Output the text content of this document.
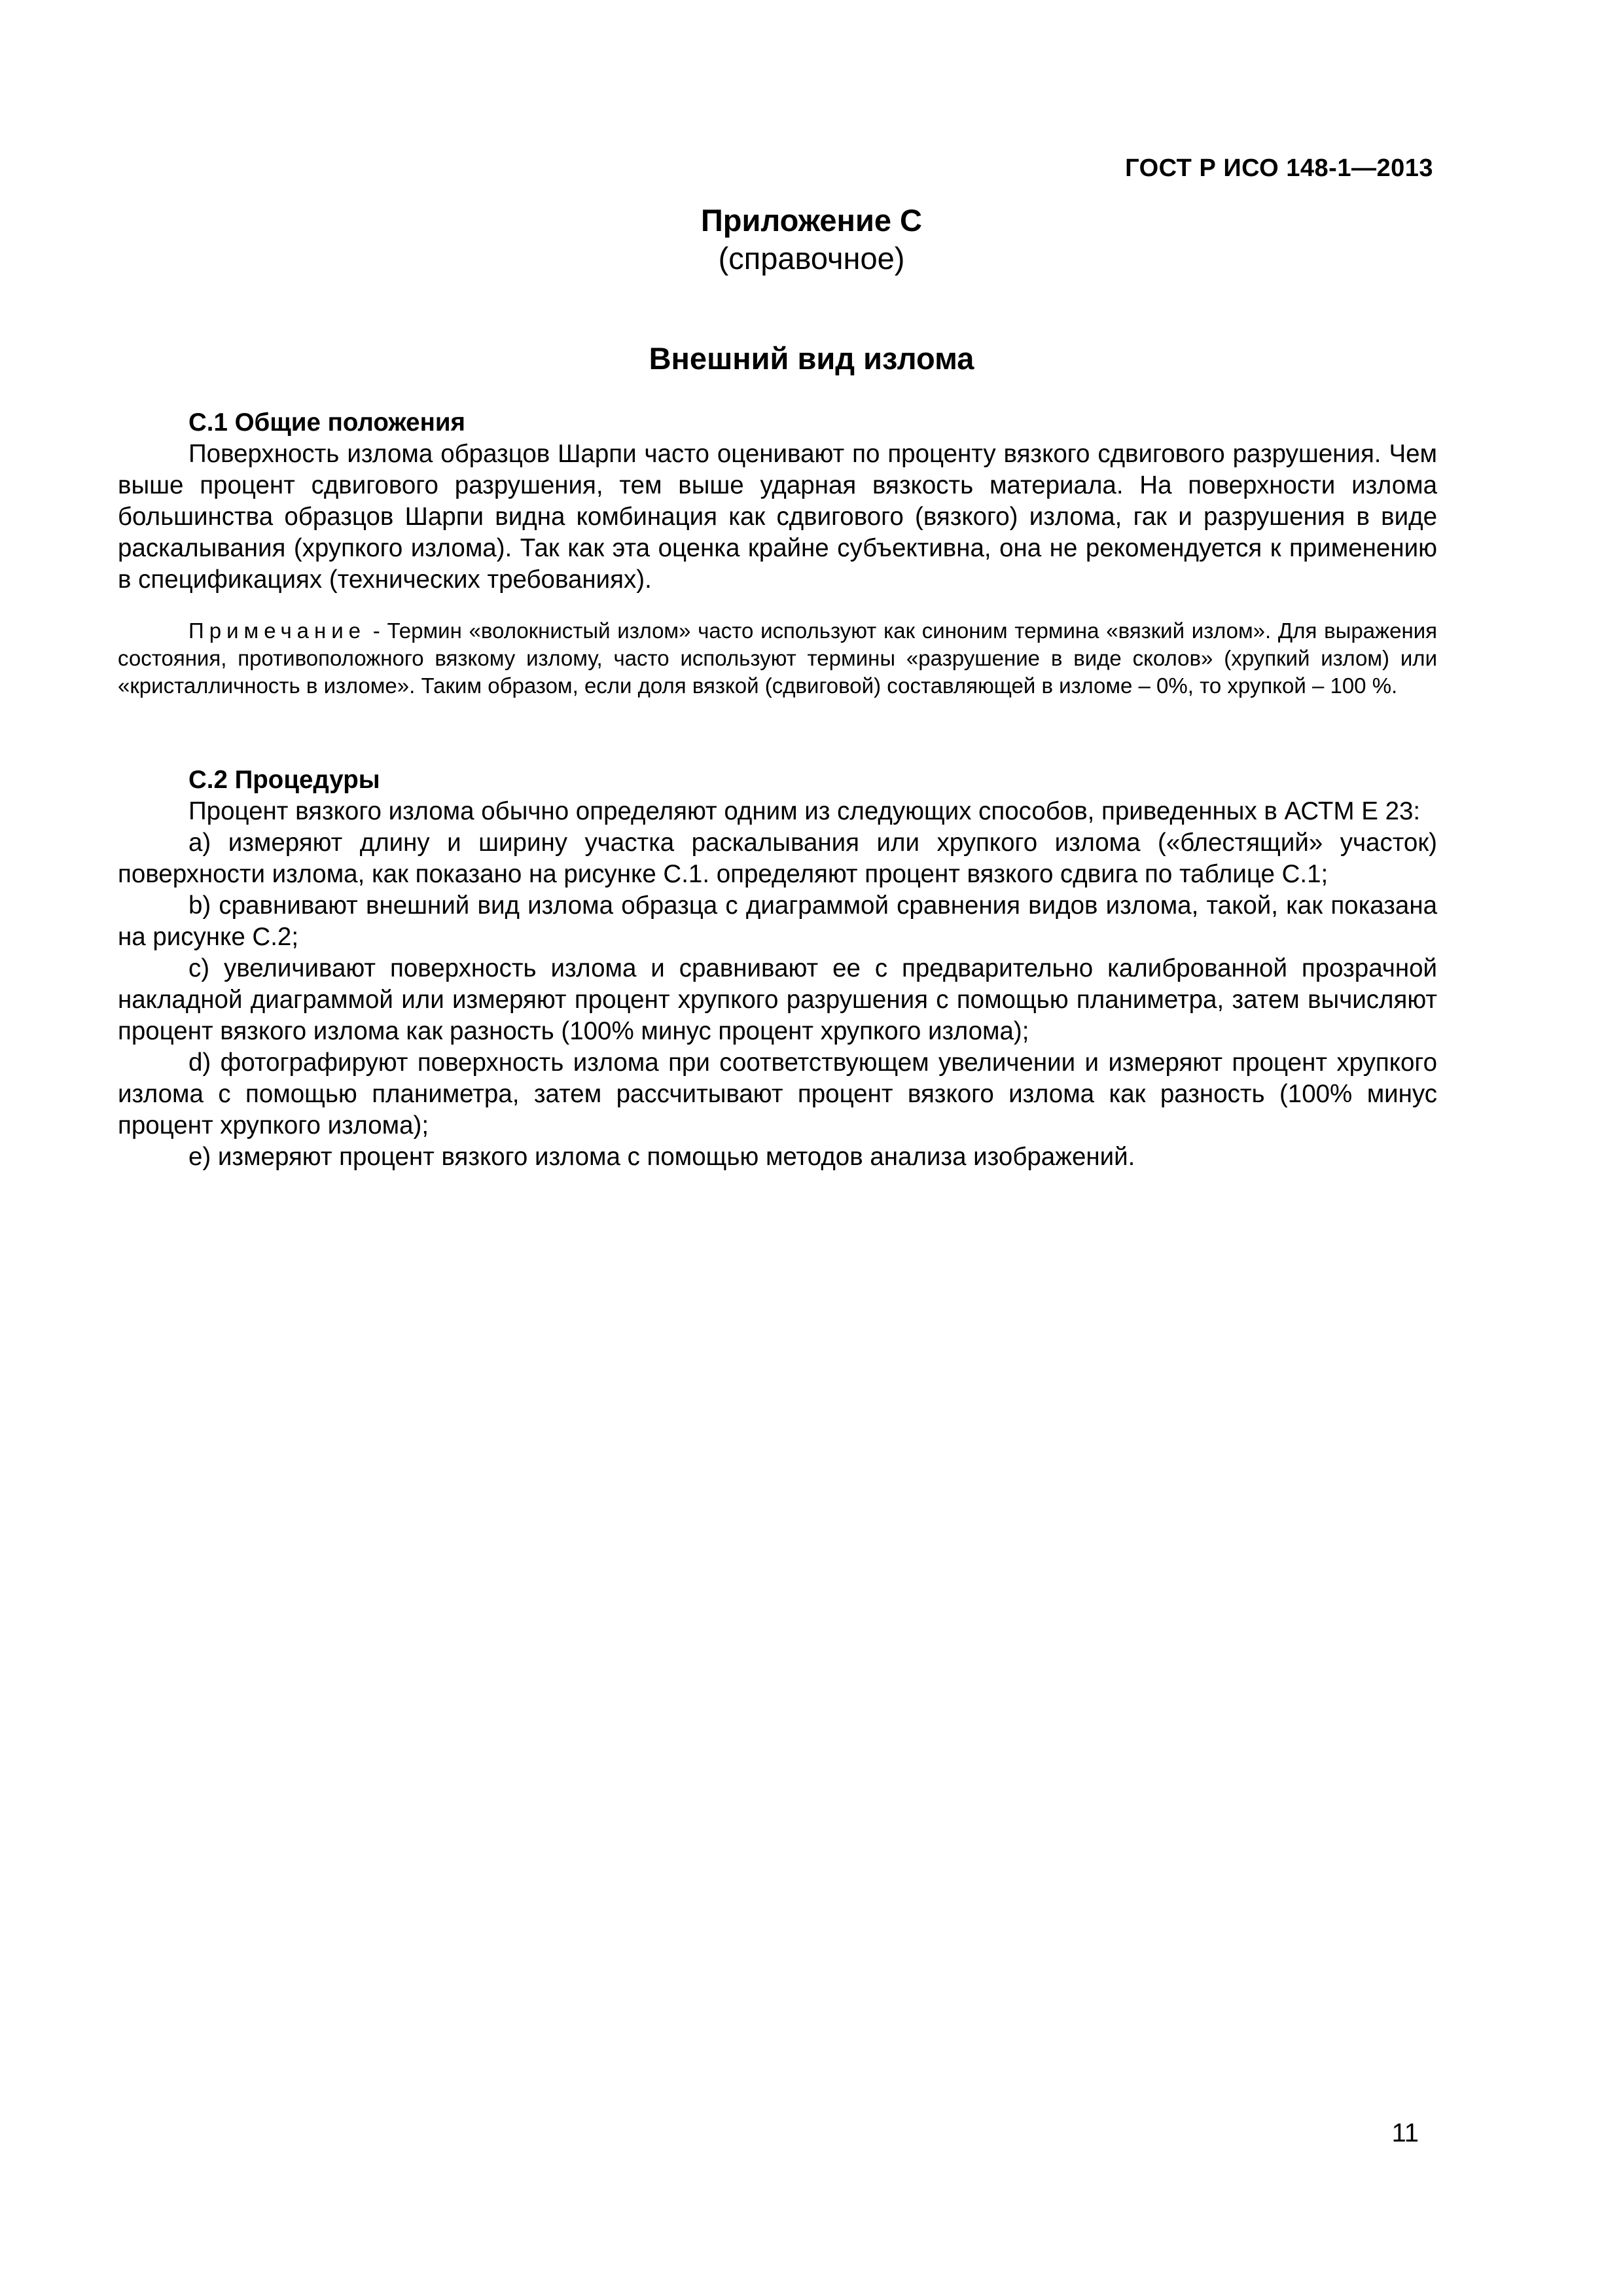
ГОСТ Р ИСО 148-1—2013
Приложение С
(справочное)
Внешний вид излома

С.1 Общие положения

Поверхность излома образцов Шарпи часто оценивают по проценту вязкого сдвигового разрушения. Чем выше процент сдвигового разрушения, тем выше ударная вязкость материала. На поверхности излома большинства образцов Шарпи видна комбинация как сдвигового (вязкого) излома, гак и разрушения в виде раскалывания (хрупкого излома). Так как эта оценка крайне субъективна, она не рекомендуется к применению в спецификациях (технических требованиях).

Примечание - Термин «волокнистый излом» часто используют как синоним термина «вязкий излом». Для выражения состояния, противоположного вязкому излому, часто используют термины «разрушение в виде сколов» (хрупкий излом) или «кристалличность в изломе». Таким образом, если доля вязкой (сдвиговой) составляющей в изломе – 0%, то хрупкой – 100 %.

С.2 Процедуры

Процент вязкого излома обычно определяют одним из следующих способов, приведенных в АСТМ Е 23:

a) измеряют длину и ширину участка раскалывания или хрупкого излома («блестящий» участок) поверхности излома, как показано на рисунке С.1. определяют процент вязкого сдвига по таблице С.1;

b) сравнивают внешний вид излома образца с диаграммой сравнения видов излома, такой, как показана на рисунке С.2;

c) увеличивают поверхность излома и сравнивают ее с предварительно калиброванной прозрачной накладной диаграммой или измеряют процент хрупкого разрушения с помощью планиметра, затем вычисляют процент вязкого излома как разность (100% минус процент хрупкого излома);

d) фотографируют поверхность излома при соответствующем увеличении и измеряют процент хрупкого излома с помощью планиметра, затем рассчитывают процент вязкого излома как разность (100% минус процент хрупкого излома);

e) измеряют процент вязкого излома с помощью методов анализа изображений.

11
